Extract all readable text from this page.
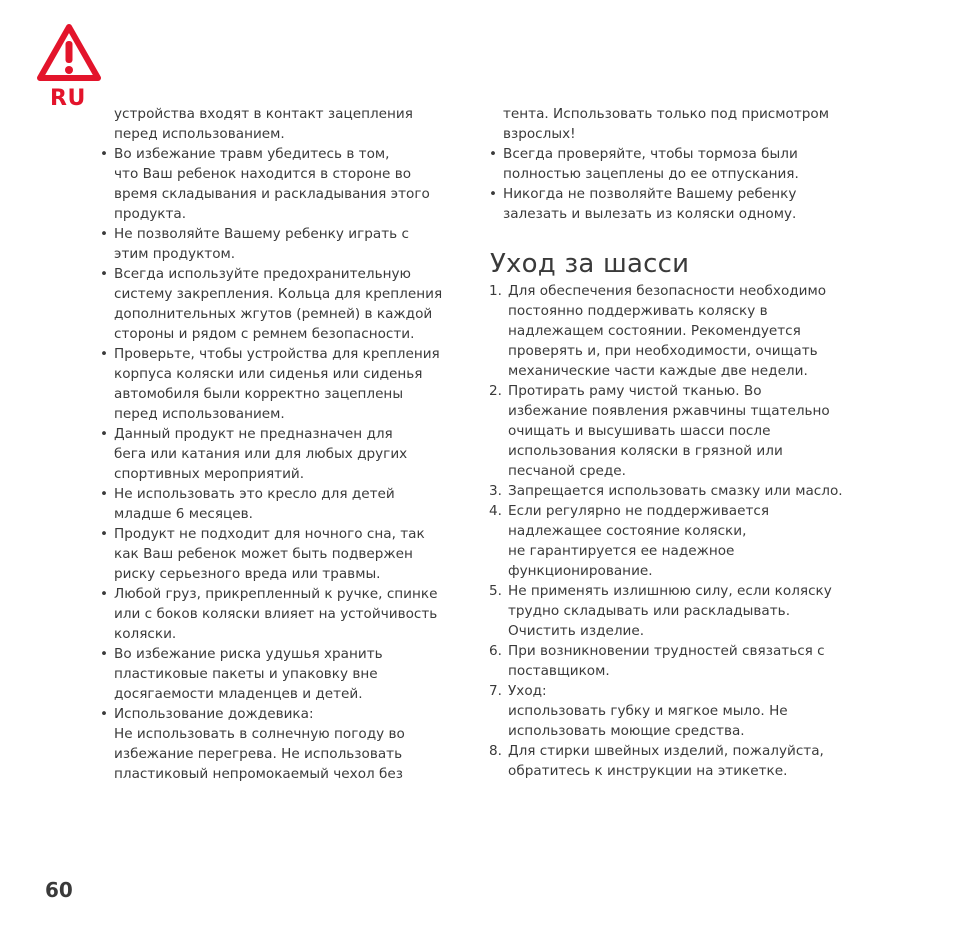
RU
устройства входят в контакт зацепления
перед использованием.
• Во избежание травм убедитесь в том,
что Ваш ребенок находится в стороне во
время складывания и раскладывания этого
продукта.
• Не позволяйте Вашему ребенку играть с
этим продуктом.
• Всегда используйте предохранительную
систему закрепления. Кольца для крепления
дополнительных жгутов (ремней) в каждой
стороны и рядом с ремнем безопасности.
• Проверьте, чтобы устройства для крепления
корпуса коляски или сиденья или сиденья
автомобиля были корректно зацеплены
перед использованием.
• Данный продукт не предназначен для
бега или катания или для любых других
спортивных мероприятий.
• Не использовать это кресло для детей
младше 6 месяцев.
• Продукт не подходит для ночного сна, так
как Ваш ребенок может быть подвержен
риску серьезного вреда или травмы.
• Любой груз, прикрепленный к ручке, спинке
или с боков коляски влияет на устойчивость
коляски.
• Во избежание риска удушья хранить
пластиковые пакеты и упаковку вне
досягаемости младенцев и детей.
• Использование дождевика:
Не использовать в солнечную погоду во
избежание перегрева. Не использовать
пластиковый непромокаемый чехол без
тента. Использовать только под присмотром
взрослых!
• Всегда проверяйте, чтобы тормоза были
полностью зацеплены до ее отпускания.
• Никогда не позволяйте Вашему ребенку
залезать и вылезать из коляски одному.
Уход за шасси
1. Для обеспечения безопасности необходимо
постоянно поддерживать коляску в
надлежащем состоянии. Рекомендуется
проверять и, при необходимости, очищать
механические части каждые две недели.
2. Протирать раму чистой тканью. Во
избежание появления ржавчины тщательно
очищать и высушивать шасси после
использования коляски в грязной или
песчаной среде.
3. Запрещается использовать смазку или масло.
4. Если регулярно не поддерживается
надлежащее состояние коляски,
не гарантируется ее надежное
функционирование.
5. Не применять излишнюю силу, если коляску
трудно складывать или раскладывать.
Очистить изделие.
6. При возникновении трудностей связаться с
поставщиком.
7. Уход:
использовать губку и мягкое мыло. Не
использовать моющие средства.
8. Для стирки швейных изделий, пожалуйста,
обратитесь к инструкции на этикетке.
60
